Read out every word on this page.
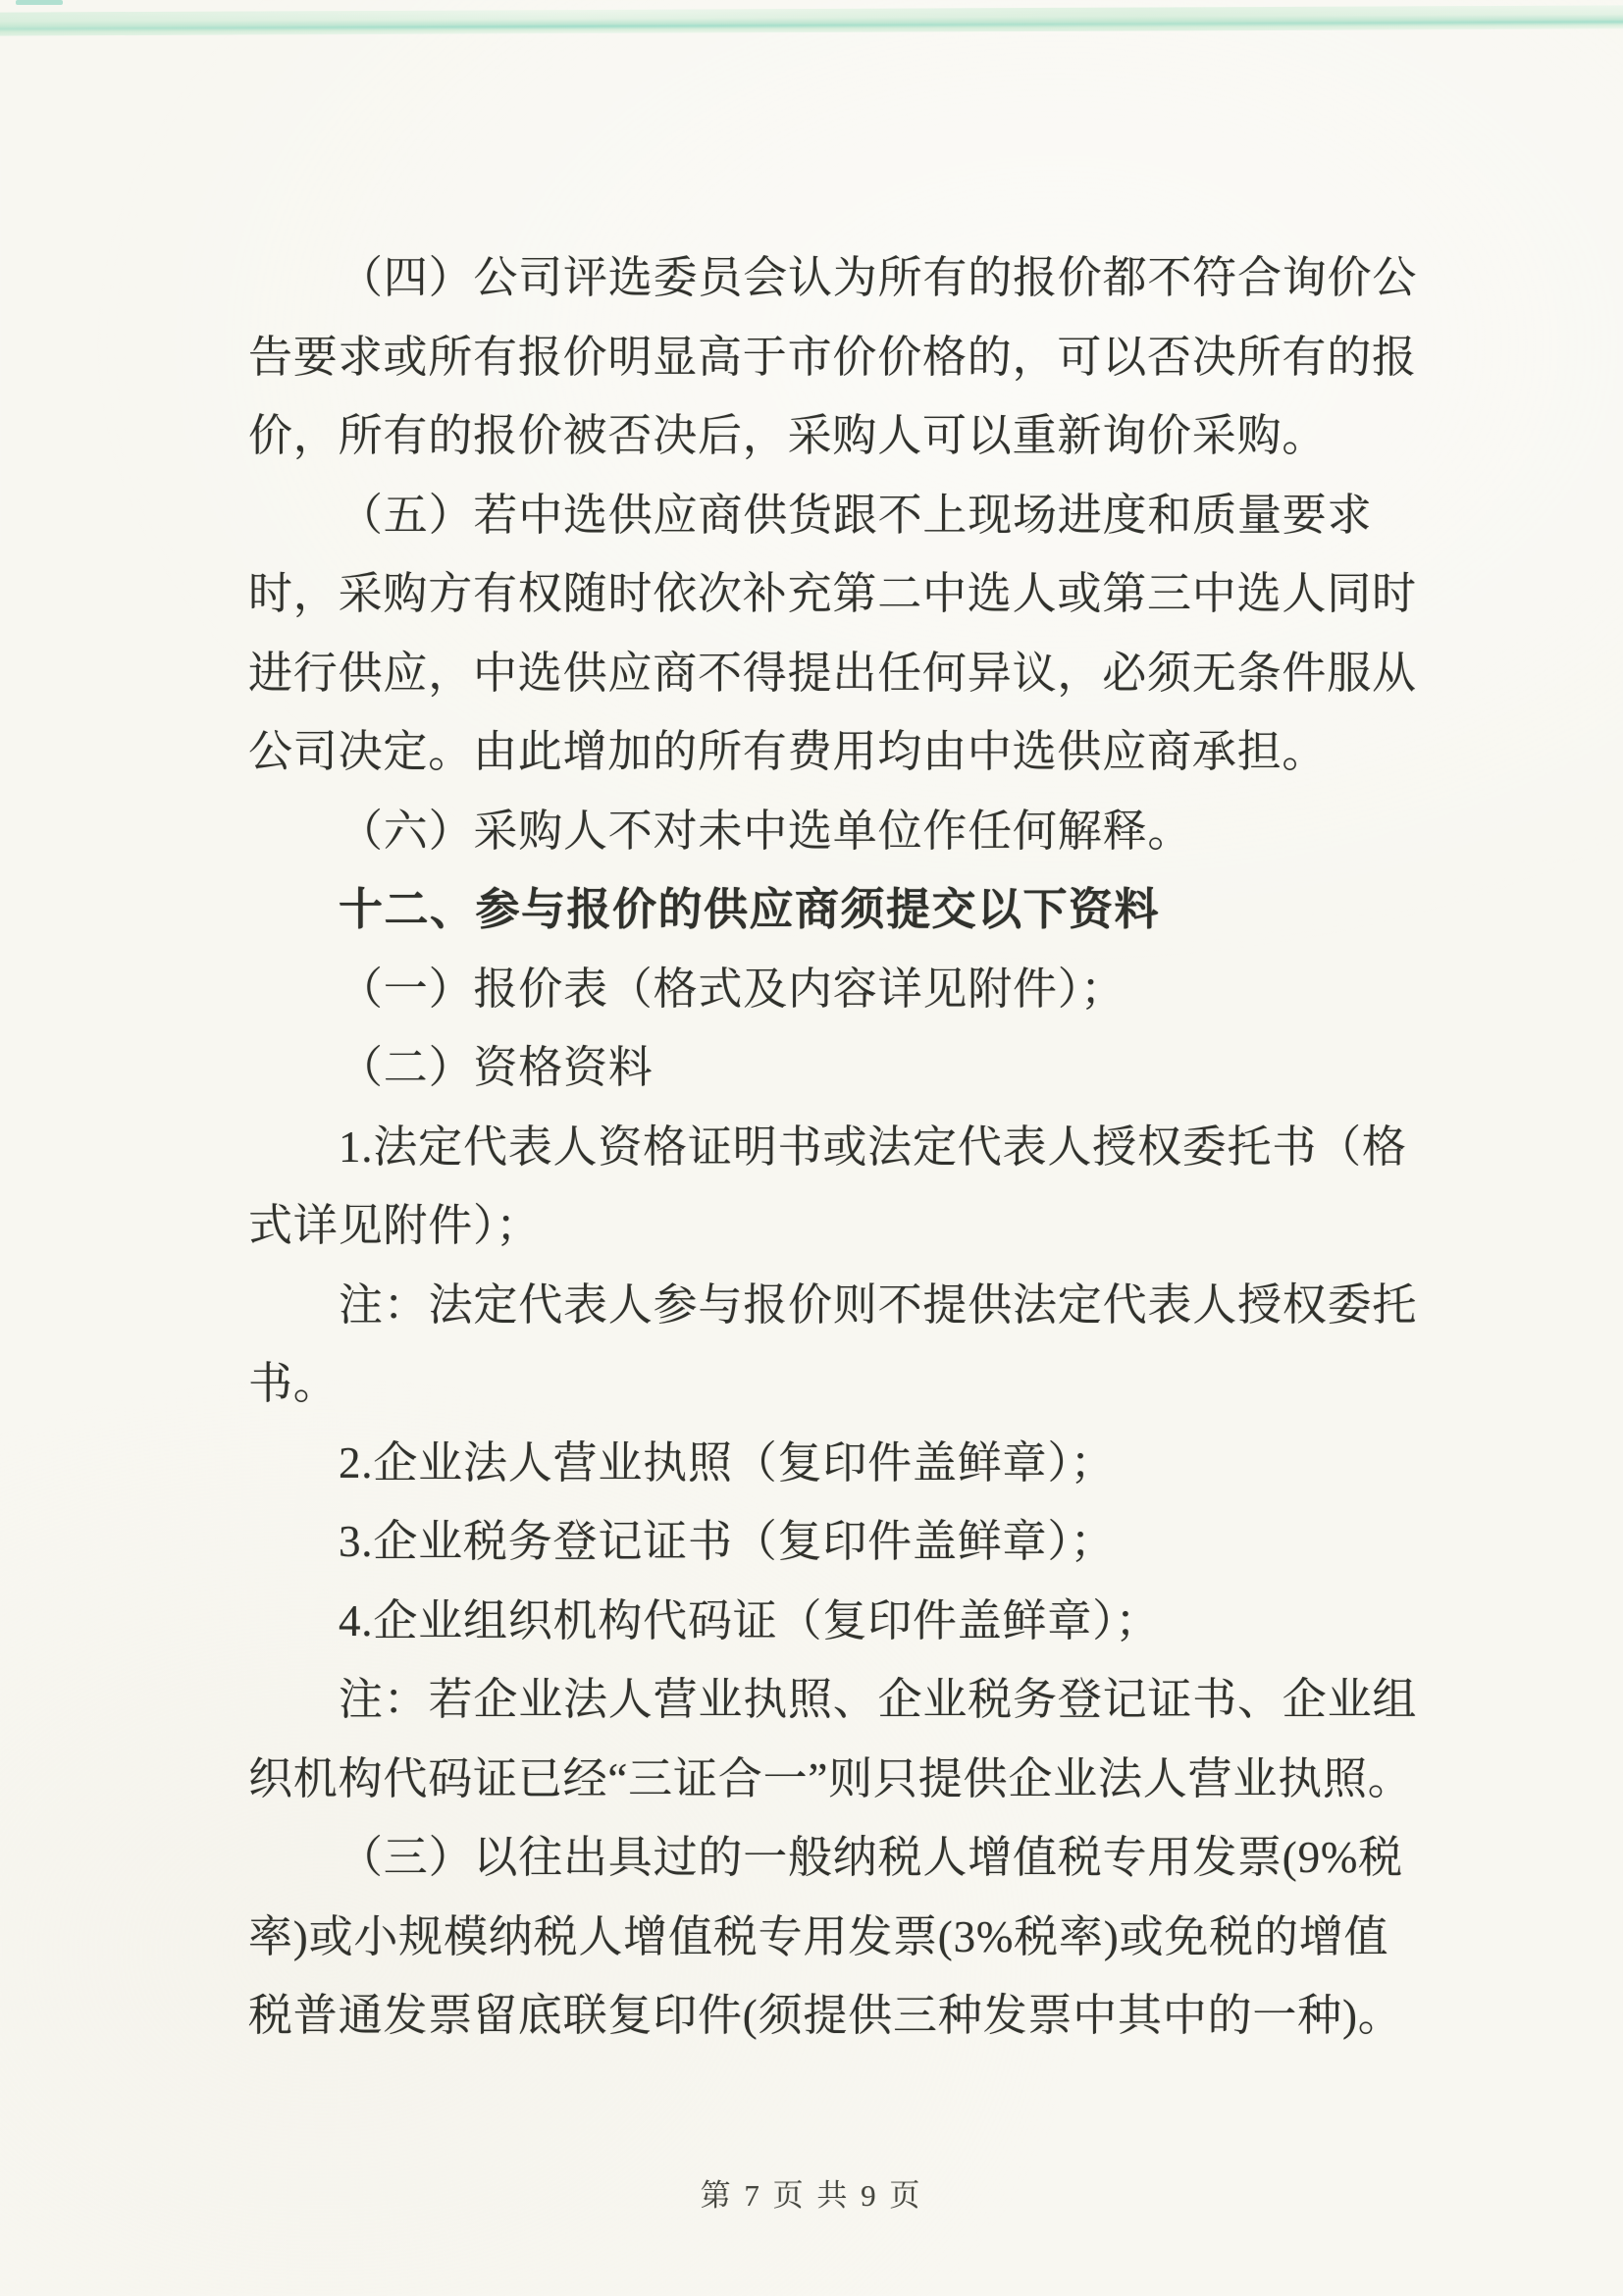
（四）公司评选委员会认为所有的报价都不符合询价公
告要求或所有报价明显高于市价价格的，可以否决所有的报
价，所有的报价被否决后，采购人可以重新询价采购。
（五）若中选供应商供货跟不上现场进度和质量要求
时，采购方有权随时依次补充第二中选人或第三中选人同时
进行供应，中选供应商不得提出任何异议，必须无条件服从
公司决定。由此增加的所有费用均由中选供应商承担。
（六）采购人不对未中选单位作任何解释。
十二、参与报价的供应商须提交以下资料
（一）报价表（格式及内容详见附件）；
（二）资格资料
1.法定代表人资格证明书或法定代表人授权委托书（格
式详见附件）；
注：法定代表人参与报价则不提供法定代表人授权委托
书。
2.企业法人营业执照（复印件盖鲜章）；
3.企业税务登记证书（复印件盖鲜章）；
4.企业组织机构代码证（复印件盖鲜章）；
注：若企业法人营业执照、企业税务登记证书、企业组
织机构代码证已经“三证合一”则只提供企业法人营业执照。
（三）以往出具过的一般纳税人增值税专用发票(9%税
率)或小规模纳税人增值税专用发票(3%税率)或免税的增值
税普通发票留底联复印件(须提供三种发票中其中的一种)。
第 7 页 共 9 页
